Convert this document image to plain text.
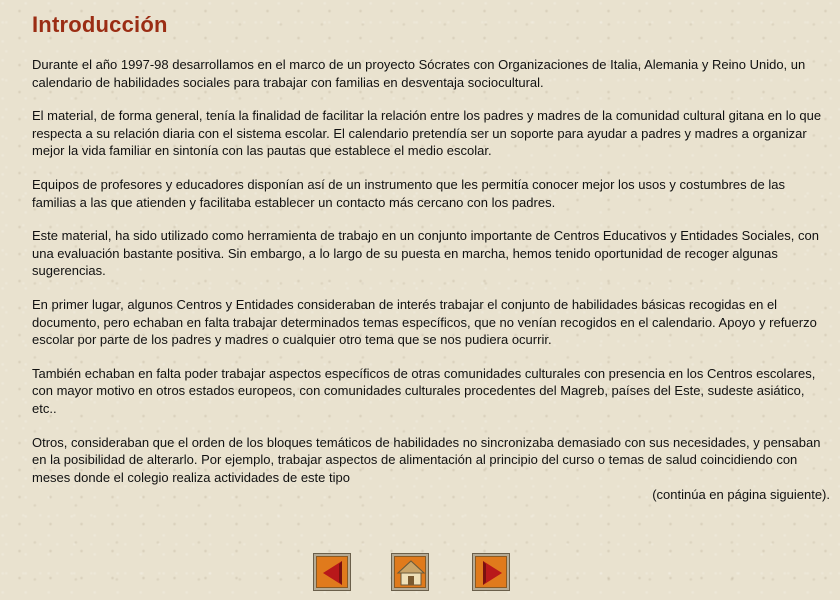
Introducción

Durante el año 1997-98 desarrollamos en el marco de un proyecto Sócrates con Organizaciones de Italia, Alemania y Reino Unido, un calendario de habilidades sociales para trabajar con familias en desventaja sociocultural.

El material, de forma general, tenía la finalidad de facilitar la relación entre los padres y madres de la comunidad cultural gitana en lo que respecta a su relación diaria con el sistema escolar. El calendario pretendía ser un soporte para ayudar a padres y madres a organizar mejor la vida familiar en sintonía con las pautas que establece el medio escolar.

Equipos de profesores y educadores disponían así de un instrumento que les permitía conocer mejor los usos y costumbres de las familias a las que atienden y facilitaba establecer un contacto más cercano con los padres.

Este material, ha sido utilizado como herramienta de trabajo en un conjunto importante de Centros Educativos y Entidades Sociales, con una evaluación bastante positiva. Sin embargo, a lo largo de su puesta en marcha, hemos tenido oportunidad de recoger algunas sugerencias.

En primer lugar, algunos Centros y Entidades consideraban de interés trabajar el conjunto de habilidades básicas recogidas en el documento, pero echaban en falta trabajar determinados temas específicos, que no venían recogidos en el calendario. Apoyo y refuerzo escolar por parte de los padres y madres o cualquier otro tema que se nos pudiera ocurrir.

También echaban en falta poder trabajar aspectos específicos de otras comunidades culturales con presencia en los Centros escolares, con mayor motivo en otros estados europeos, con comunidades culturales procedentes del Magreb, países del Este, sudeste asiático, etc..

Otros, consideraban que el orden de los bloques temáticos de habilidades no sincronizaba demasiado con sus necesidades, y pensaban en la posibilidad de alterarlo. Por ejemplo, trabajar aspectos de alimentación al principio del curso o temas de salud coincidiendo con meses donde el colegio realiza actividades de este tipo

(continúa en página siguiente).
